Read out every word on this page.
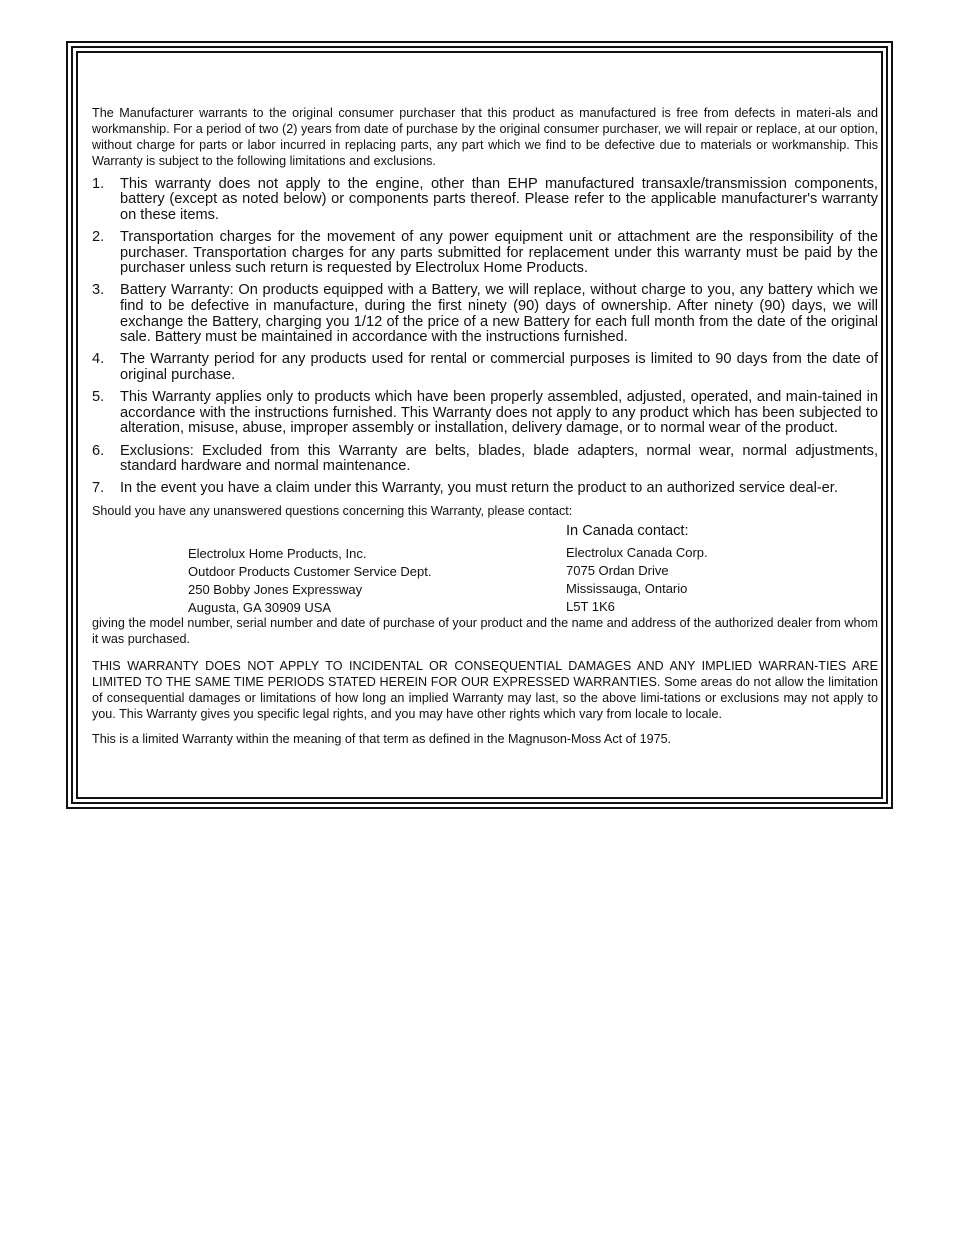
The Manufacturer warrants to the original consumer purchaser that this product as manufactured is free from defects in materi-als and workmanship. For a period of two (2) years from date of purchase by the original consumer purchaser, we will repair or replace, at our option, without charge for parts or labor incurred in replacing parts, any part which we find to be defective due to materials or workmanship. This Warranty is subject to the following limitations and exclusions.

1. This warranty does not apply to the engine, other than EHP manufactured transaxle/transmission components, battery (except as noted below) or components parts thereof. Please refer to the applicable manufacturer's warranty on these items.
2. Transportation charges for the movement of any power equipment unit or attachment are the responsibility of the purchaser. Transportation charges for any parts submitted for replacement under this warranty must be paid by the purchaser unless such return is requested by Electrolux Home Products.
3. Battery Warranty: On products equipped with a Battery, we will replace, without charge to you, any battery which we find to be defective in manufacture, during the first ninety (90) days of ownership. After ninety (90) days, we will exchange the Battery, charging you 1/12 of the price of a new Battery for each full month from the date of the original sale. Battery must be maintained in accordance with the instructions furnished.
4. The Warranty period for any products used for rental or commercial purposes is limited to 90 days from the date of original purchase.
5. This Warranty applies only to products which have been properly assembled, adjusted, operated, and main-tained in accordance with the instructions furnished. This Warranty does not apply to any product which has been subjected to alteration, misuse, abuse, improper assembly or installation, delivery damage, or to normal wear of the product.
6. Exclusions: Excluded from this Warranty are belts, blades, blade adapters, normal wear, normal adjustments, standard hardware and normal maintenance.
7. In the event you have a claim under this Warranty, you must return the product to an authorized service deal-er.

Should you have any unanswered questions concerning this Warranty, please contact:

Electrolux Home Products, Inc.
Outdoor Products Customer Service Dept.
250 Bobby Jones Expressway
Augusta, GA 30909 USA
In Canada contact:
Electrolux Canada Corp.
7075 Ordan Drive
Mississauga, Ontario
L5T 1K6

giving the model number, serial number and date of purchase of your product and the name and address of the authorized dealer from whom it was purchased.

THIS WARRANTY DOES NOT APPLY TO INCIDENTAL OR CONSEQUENTIAL DAMAGES AND ANY IMPLIED WARRAN-TIES ARE LIMITED TO THE SAME TIME PERIODS STATED HEREIN FOR OUR EXPRESSED WARRANTIES. Some areas do not allow the limitation of consequential damages or limitations of how long an implied Warranty may last, so the above limi-tations or exclusions may not apply to you. This Warranty gives you specific legal rights, and you may have other rights which vary from locale to locale.

This is a limited Warranty within the meaning of that term as defined in the Magnuson-Moss Act of 1975.
